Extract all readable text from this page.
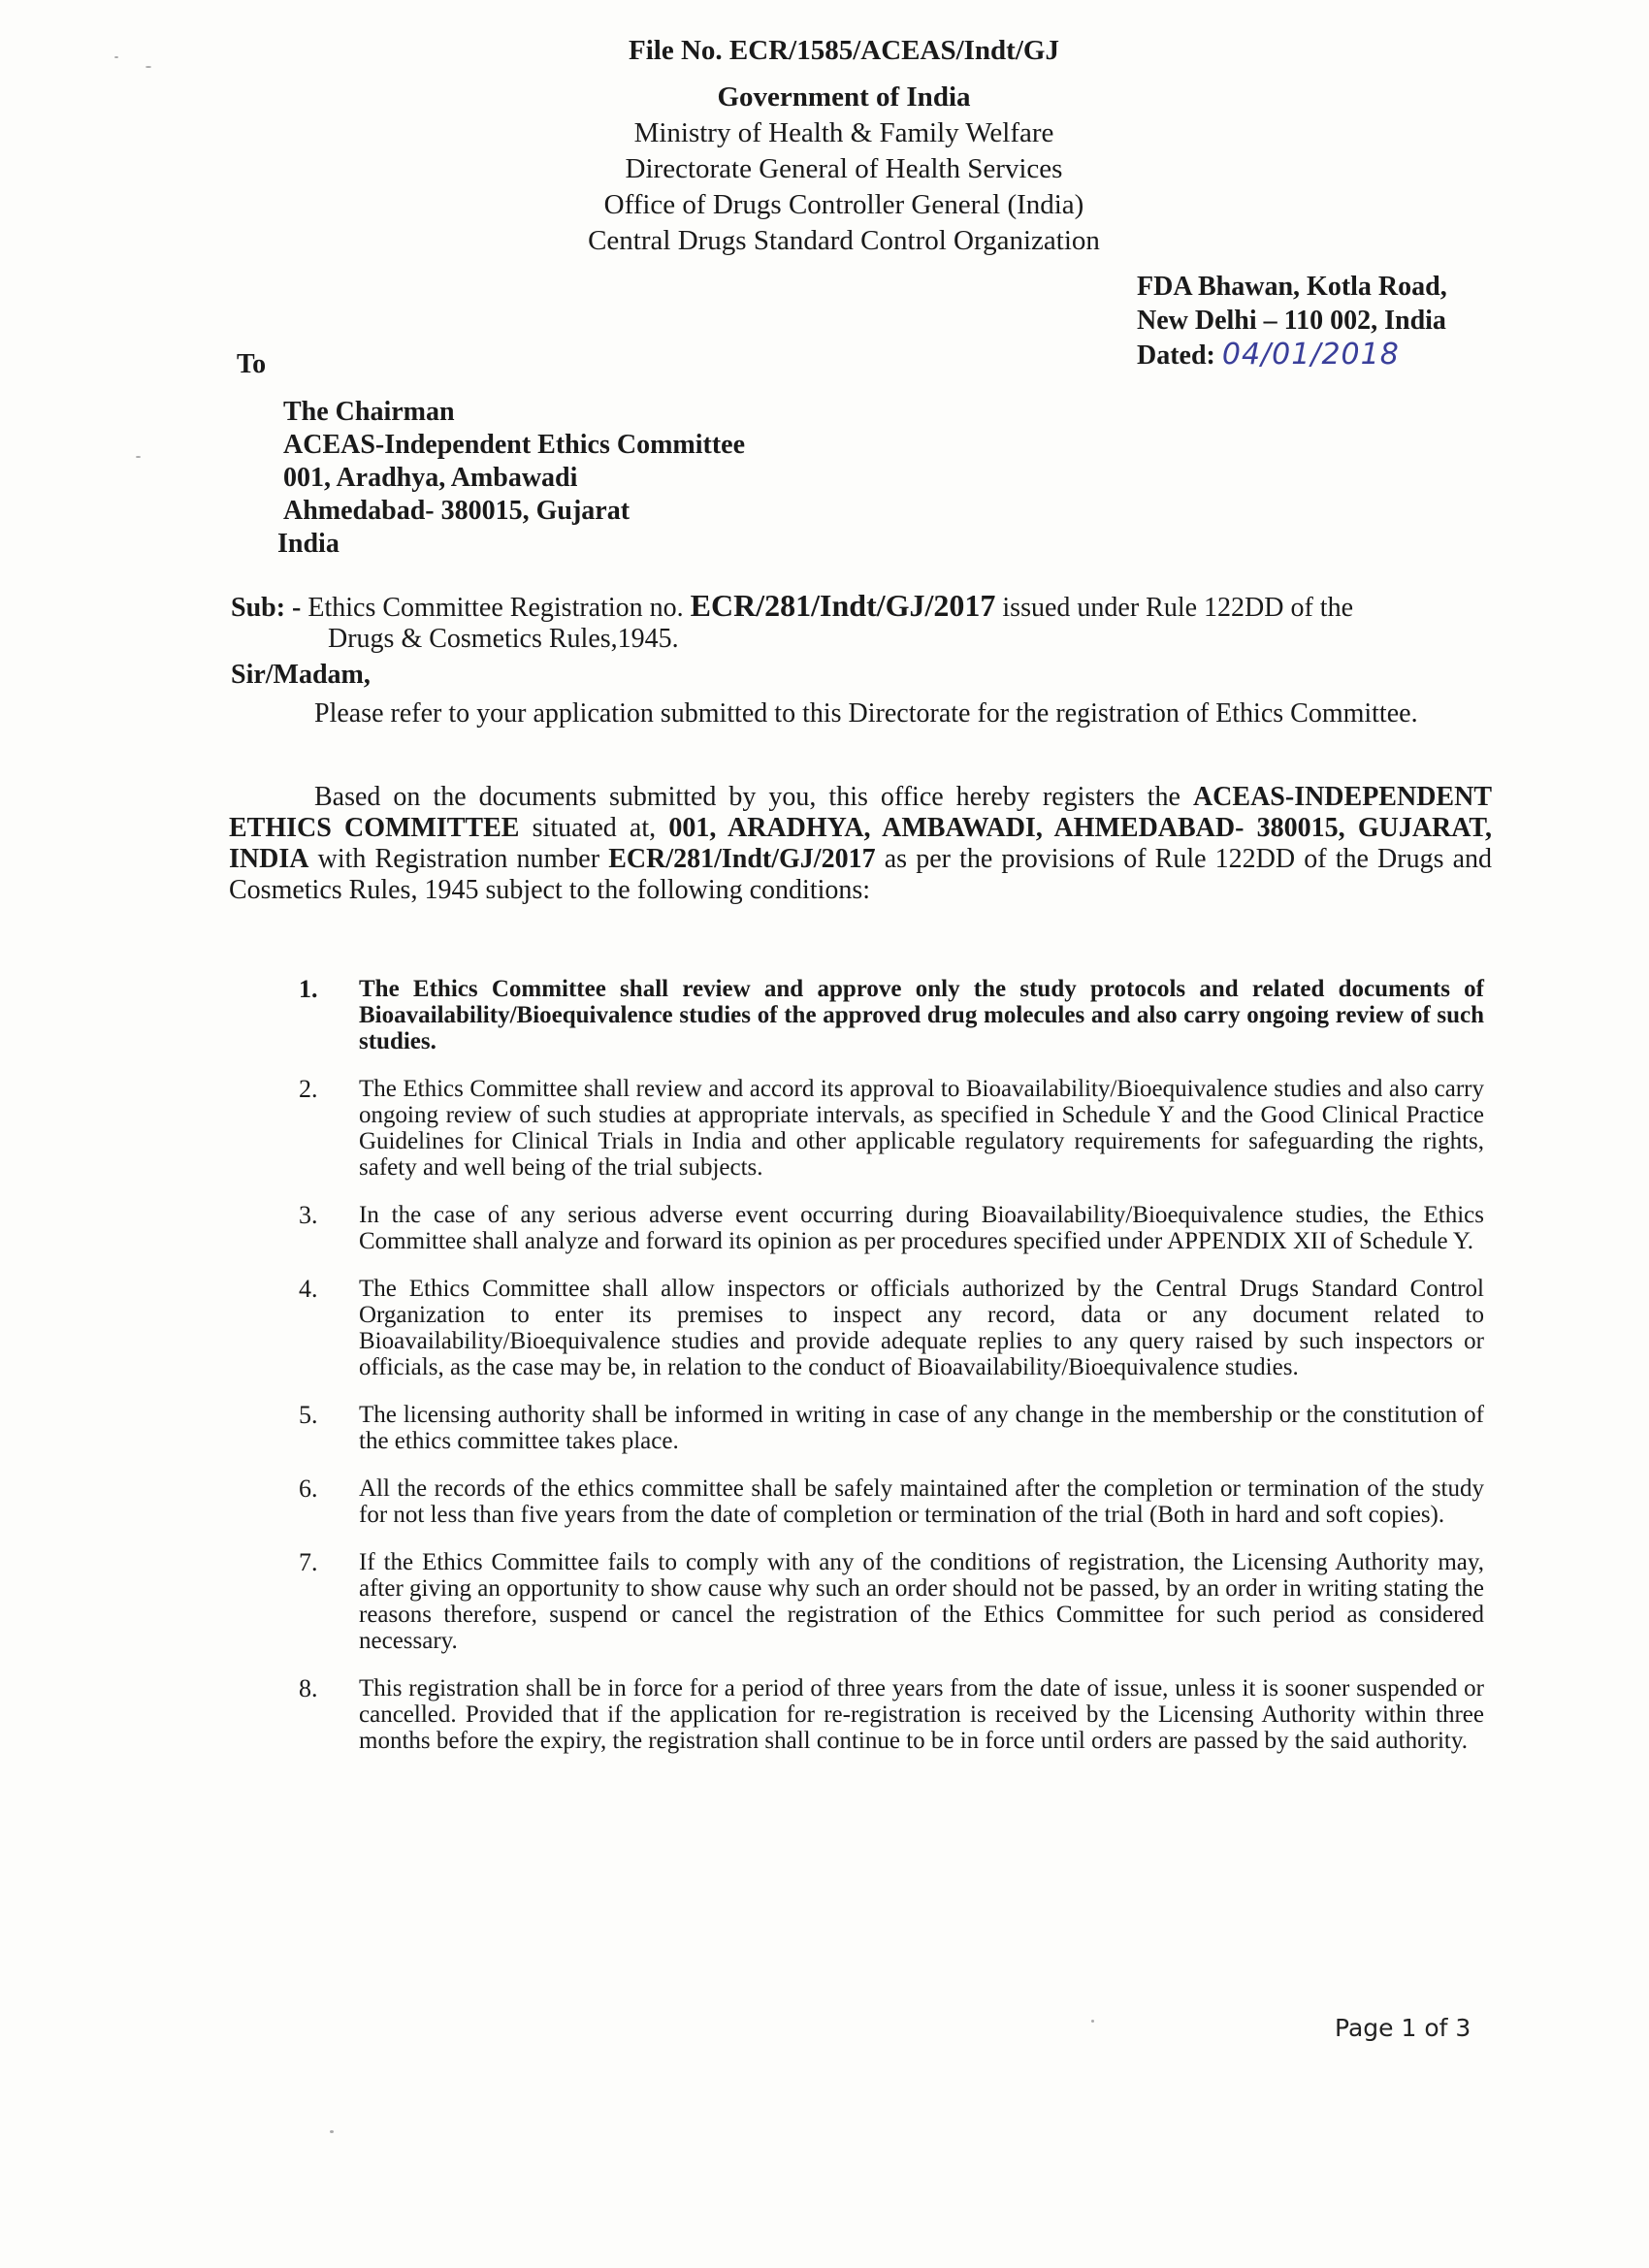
File No. ECR/1585/ACEAS/Indt/GJ
Government of India
Ministry of Health & Family Welfare
Directorate General of Health Services
Office of Drugs Controller General (India)
Central Drugs Standard Control Organization
FDA Bhawan, Kotla Road,
New Delhi – 110 002, India
Dated: 04/01/2018
To
The Chairman
ACEAS-Independent Ethics Committee
001, Aradhya, Ambawadi
Ahmedabad- 380015, Gujarat
India
Sub: - Ethics Committee Registration no. ECR/281/Indt/GJ/2017 issued under Rule 122DD of the
Drugs & Cosmetics Rules,1945.
Sir/Madam,
Please refer to your application submitted to this Directorate for the registration of Ethics Committee.
Based on the documents submitted by you, this office hereby registers the ACEAS-INDEPENDENT ETHICS COMMITTEE situated at, 001, ARADHYA, AMBAWADI, AHMEDABAD- 380015, GUJARAT, INDIA with Registration number ECR/281/Indt/GJ/2017 as per the provisions of Rule 122DD of the Drugs and Cosmetics Rules, 1945 subject to the following conditions:
1. The Ethics Committee shall review and approve only the study protocols and related documents of Bioavailability/Bioequivalence studies of the approved drug molecules and also carry ongoing review of such studies.
2. The Ethics Committee shall review and accord its approval to Bioavailability/Bioequivalence studies and also carry ongoing review of such studies at appropriate intervals, as specified in Schedule Y and the Good Clinical Practice Guidelines for Clinical Trials in India and other applicable regulatory requirements for safeguarding the rights, safety and well being of the trial subjects.
3. In the case of any serious adverse event occurring during Bioavailability/Bioequivalence studies, the Ethics Committee shall analyze and forward its opinion as per procedures specified under APPENDIX XII of Schedule Y.
4. The Ethics Committee shall allow inspectors or officials authorized by the Central Drugs Standard Control Organization to enter its premises to inspect any record, data or any document related to Bioavailability/Bioequivalence studies and provide adequate replies to any query raised by such inspectors or officials, as the case may be, in relation to the conduct of Bioavailability/Bioequivalence studies.
5. The licensing authority shall be informed in writing in case of any change in the membership or the constitution of the ethics committee takes place.
6. All the records of the ethics committee shall be safely maintained after the completion or termination of the study for not less than five years from the date of completion or termination of the trial (Both in hard and soft copies).
7. If the Ethics Committee fails to comply with any of the conditions of registration, the Licensing Authority may, after giving an opportunity to show cause why such an order should not be passed, by an order in writing stating the reasons therefore, suspend or cancel the registration of the Ethics Committee for such period as considered necessary.
8. This registration shall be in force for a period of three years from the date of issue, unless it is sooner suspended or cancelled. Provided that if the application for re-registration is received by the Licensing Authority within three months before the expiry, the registration shall continue to be in force until orders are passed by the said authority.
Page 1 of 3
